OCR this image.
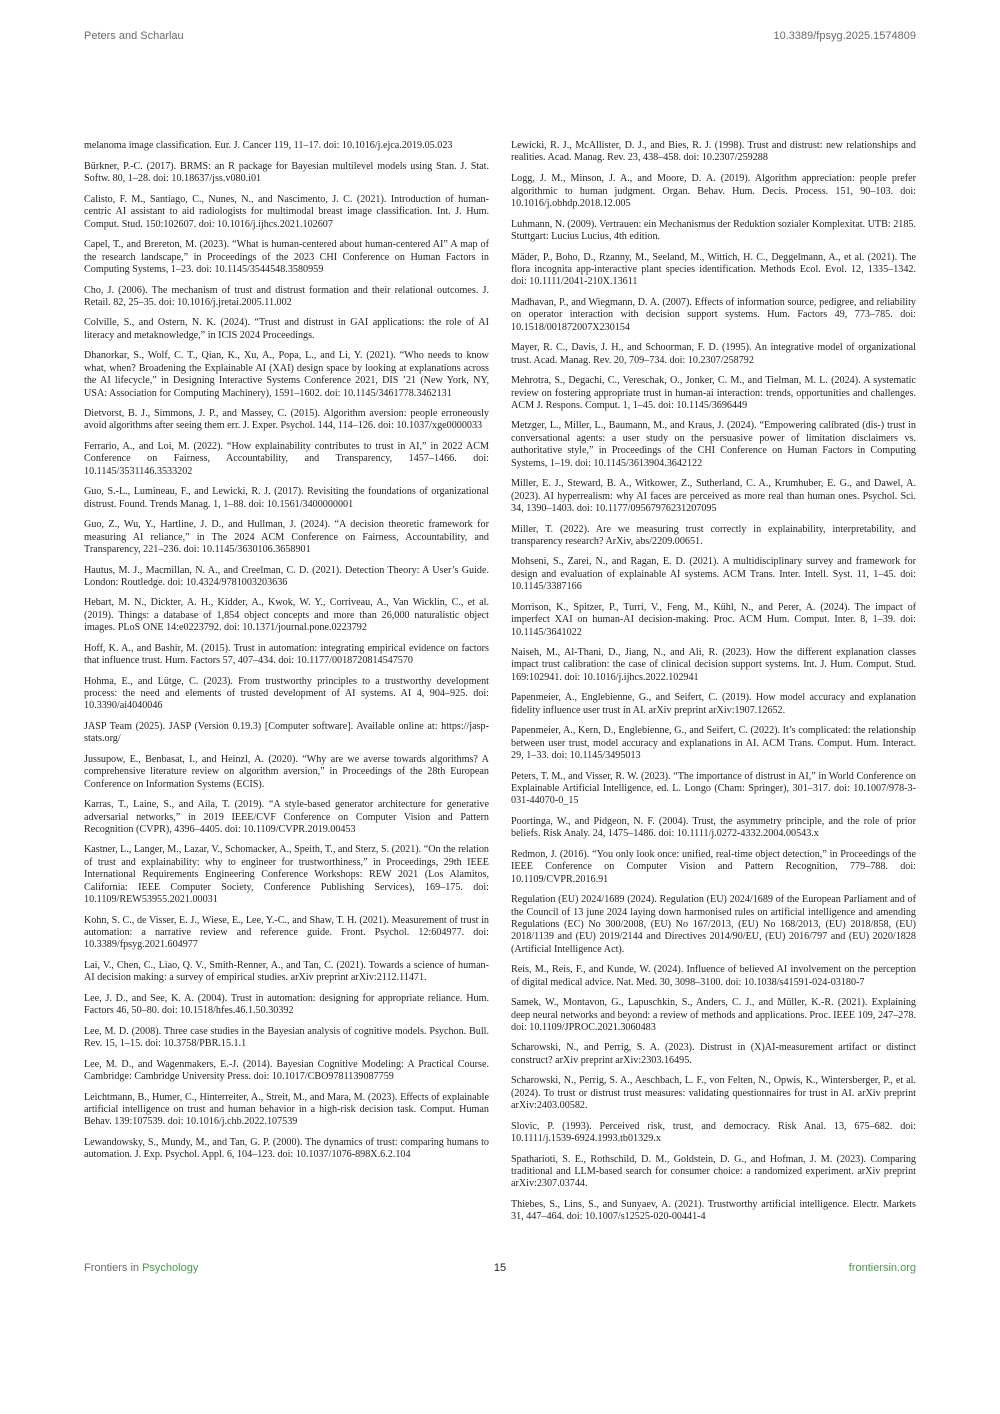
Peters and Scharlau	10.3389/fpsyg.2025.1574809

melanoma image classification. Eur. J. Cancer 119, 11–17. doi: 10.1016/j.ejca.2019.05.023

Bürkner, P.-C. (2017). BRMS: an R package for Bayesian multilevel models using Stan. J. Stat. Softw. 80, 1–28. doi: 10.18637/jss.v080.i01

Calisto, F. M., Santiago, C., Nunes, N., and Nascimento, J. C. (2021). Introduction of human-centric AI assistant to aid radiologists for multimodal breast image classification. Int. J. Hum. Comput. Stud. 150:102607. doi: 10.1016/j.ijhcs.2021.102607

Capel, T., and Brereton, M. (2023). “What is human-centered about human-centered AI” A map of the research landscape,” in Proceedings of the 2023 CHI Conference on Human Factors in Computing Systems, 1–23. doi: 10.1145/3544548.3580959

Cho, J. (2006). The mechanism of trust and distrust formation and their relational outcomes. J. Retail. 82, 25–35. doi: 10.1016/j.jretai.2005.11.002

Colville, S., and Ostern, N. K. (2024). “Trust and distrust in GAI applications: the role of AI literacy and metaknowledge,” in ICIS 2024 Proceedings.

Dhanorkar, S., Wolf, C. T., Qian, K., Xu, A., Popa, L., and Li, Y. (2021). “Who needs to know what, when? Broadening the Explainable AI (XAI) design space by looking at explanations across the AI lifecycle,” in Designing Interactive Systems Conference 2021, DIS ’21 (New York, NY, USA: Association for Computing Machinery), 1591–1602. doi: 10.1145/3461778.3462131

Dietvorst, B. J., Simmons, J. P., and Massey, C. (2015). Algorithm aversion: people erroneously avoid algorithms after seeing them err. J. Exper. Psychol. 144, 114–126. doi: 10.1037/xge0000033

Ferrario, A., and Loi, M. (2022). “How explainability contributes to trust in AI,” in 2022 ACM Conference on Fairness, Accountability, and Transparency, 1457–1466. doi: 10.1145/3531146.3533202

Guo, S.-L., Lumineau, F., and Lewicki, R. J. (2017). Revisiting the foundations of organizational distrust. Found. Trends Manag. 1, 1–88. doi: 10.1561/3400000001

Guo, Z., Wu, Y., Hartline, J. D., and Hullman, J. (2024). “A decision theoretic framework for measuring AI reliance,” in The 2024 ACM Conference on Fairness, Accountability, and Transparency, 221–236. doi: 10.1145/3630106.3658901

Hautus, M. J., Macmillan, N. A., and Creelman, C. D. (2021). Detection Theory: A User’s Guide. London: Routledge. doi: 10.4324/9781003203636

Hebart, M. N., Dickter, A. H., Kidder, A., Kwok, W. Y., Corriveau, A., Van Wicklin, C., et al. (2019). Things: a database of 1,854 object concepts and more than 26,000 naturalistic object images. PLoS ONE 14:e0223792. doi: 10.1371/journal.pone.0223792

Hoff, K. A., and Bashir, M. (2015). Trust in automation: integrating empirical evidence on factors that influence trust. Hum. Factors 57, 407–434. doi: 10.1177/0018720814547570

Hohma, E., and Lütge, C. (2023). From trustworthy principles to a trustworthy development process: the need and elements of trusted development of AI systems. AI 4, 904–925. doi: 10.3390/ai4040046

JASP Team (2025). JASP (Version 0.19.3) [Computer software]. Available online at: https://jasp-stats.org/

Jussupow, E., Benbasat, I., and Heinzl, A. (2020). “Why are we averse towards algorithms? A comprehensive literature review on algorithm aversion,” in Proceedings of the 28th European Conference on Information Systems (ECIS).

Karras, T., Laine, S., and Aila, T. (2019). “A style-based generator architecture for generative adversarial networks,” in 2019 IEEE/CVF Conference on Computer Vision and Pattern Recognition (CVPR), 4396–4405. doi: 10.1109/CVPR.2019.00453

Kastner, L., Langer, M., Lazar, V., Schomacker, A., Speith, T., and Sterz, S. (2021). “On the relation of trust and explainability: why to engineer for trustworthiness,” in Proceedings, 29th IEEE International Requirements Engineering Conference Workshops: REW 2021 (Los Alamitos, California: IEEE Computer Society, Conference Publishing Services), 169–175. doi: 10.1109/REW53955.2021.00031

Kohn, S. C., de Visser, E. J., Wiese, E., Lee, Y.-C., and Shaw, T. H. (2021). Measurement of trust in automation: a narrative review and reference guide. Front. Psychol. 12:604977. doi: 10.3389/fpsyg.2021.604977

Lai, V., Chen, C., Liao, Q. V., Smith-Renner, A., and Tan, C. (2021). Towards a science of human-AI decision making: a survey of empirical studies. arXiv preprint arXiv:2112.11471.

Lee, J. D., and See, K. A. (2004). Trust in automation: designing for appropriate reliance. Hum. Factors 46, 50–80. doi: 10.1518/hfes.46.1.50.30392

Lee, M. D. (2008). Three case studies in the Bayesian analysis of cognitive models. Psychon. Bull. Rev. 15, 1–15. doi: 10.3758/PBR.15.1.1

Lee, M. D., and Wagenmakers, E.-J. (2014). Bayesian Cognitive Modeling: A Practical Course. Cambridge: Cambridge University Press. doi: 10.1017/CBO9781139087759

Leichtmann, B., Humer, C., Hinterreiter, A., Streit, M., and Mara, M. (2023). Effects of explainable artificial intelligence on trust and human behavior in a high-risk decision task. Comput. Human Behav. 139:107539. doi: 10.1016/j.chb.2022.107539

Lewandowsky, S., Mundy, M., and Tan, G. P. (2000). The dynamics of trust: comparing humans to automation. J. Exp. Psychol. Appl. 6, 104–123. doi: 10.1037/1076-898X.6.2.104

Lewicki, R. J., McAllister, D. J., and Bies, R. J. (1998). Trust and distrust: new relationships and realities. Acad. Manag. Rev. 23, 438–458. doi: 10.2307/259288

Logg, J. M., Minson, J. A., and Moore, D. A. (2019). Algorithm appreciation: people prefer algorithmic to human judgment. Organ. Behav. Hum. Decis. Process. 151, 90–103. doi: 10.1016/j.obhdp.2018.12.005

Luhmann, N. (2009). Vertrauen: ein Mechanismus der Reduktion sozialer Komplexitat. UTB: 2185. Stuttgart: Lucius Lucius, 4th edition.

Mäder, P., Boho, D., Rzanny, M., Seeland, M., Wittich, H. C., Deggelmann, A., et al. (2021). The flora incognita app-interactive plant species identification. Methods Ecol. Evol. 12, 1335–1342. doi: 10.1111/2041-210X.13611

Madhavan, P., and Wiegmann, D. A. (2007). Effects of information source, pedigree, and reliability on operator interaction with decision support systems. Hum. Factors 49, 773–785. doi: 10.1518/001872007X230154

Mayer, R. C., Davis, J. H., and Schoorman, F. D. (1995). An integrative model of organizational trust. Acad. Manag. Rev. 20, 709–734. doi: 10.2307/258792

Mehrotra, S., Degachi, C., Vereschak, O., Jonker, C. M., and Tielman, M. L. (2024). A systematic review on fostering appropriate trust in human-ai interaction: trends, opportunities and challenges. ACM J. Respons. Comput. 1, 1–45. doi: 10.1145/3696449

Metzger, L., Miller, L., Baumann, M., and Kraus, J. (2024). “Empowering calibrated (dis-) trust in conversational agents: a user study on the persuasive power of limitation disclaimers vs. authoritative style,” in Proceedings of the CHI Conference on Human Factors in Computing Systems, 1–19. doi: 10.1145/3613904.3642122

Miller, E. J., Steward, B. A., Witkower, Z., Sutherland, C. A., Krumhuber, E. G., and Dawel, A. (2023). AI hyperrealism: why AI faces are perceived as more real than human ones. Psychol. Sci. 34, 1390–1403. doi: 10.1177/09567976231207095

Miller, T. (2022). Are we measuring trust correctly in explainability, interpretability, and transparency research? ArXiv, abs/2209.00651.

Mohseni, S., Zarei, N., and Ragan, E. D. (2021). A multidisciplinary survey and framework for design and evaluation of explainable AI systems. ACM Trans. Inter. Intell. Syst. 11, 1–45. doi: 10.1145/3387166

Morrison, K., Spitzer, P., Turri, V., Feng, M., Kühl, N., and Perer, A. (2024). The impact of imperfect XAI on human-AI decision-making. Proc. ACM Hum. Comput. Inter. 8, 1–39. doi: 10.1145/3641022

Naiseh, M., Al-Thani, D., Jiang, N., and Ali, R. (2023). How the different explanation classes impact trust calibration: the case of clinical decision support systems. Int. J. Hum. Comput. Stud. 169:102941. doi: 10.1016/j.ijhcs.2022.102941

Papenmeier, A., Englebienne, G., and Seifert, C. (2019). How model accuracy and explanation fidelity influence user trust in AI. arXiv preprint arXiv:1907.12652.

Papenmeier, A., Kern, D., Englebienne, G., and Seifert, C. (2022). It’s complicated: the relationship between user trust, model accuracy and explanations in AI. ACM Trans. Comput. Hum. Interact. 29, 1–33. doi: 10.1145/3495013

Peters, T. M., and Visser, R. W. (2023). “The importance of distrust in AI,” in World Conference on Explainable Artificial Intelligence, ed. L. Longo (Cham: Springer), 301–317. doi: 10.1007/978-3-031-44070-0_15

Poortinga, W., and Pidgeon, N. F. (2004). Trust, the asymmetry principle, and the role of prior beliefs. Risk Analy. 24, 1475–1486. doi: 10.1111/j.0272-4332.2004.00543.x

Redmon, J. (2016). “You only look once: unified, real-time object detection,” in Proceedings of the IEEE Conference on Computer Vision and Pattern Recognition, 779–788. doi: 10.1109/CVPR.2016.91

Regulation (EU) 2024/1689 (2024). Regulation (EU) 2024/1689 of the European Parliament and of the Council of 13 june 2024 laying down harmonised rules on artificial intelligence and amending Regulations (EC) No 300/2008, (EU) No 167/2013, (EU) No 168/2013, (EU) 2018/858, (EU) 2018/1139 and (EU) 2019/2144 and Directives 2014/90/EU, (EU) 2016/797 and (EU) 2020/1828 (Artificial Intelligence Act).

Reis, M., Reis, F., and Kunde, W. (2024). Influence of believed AI involvement on the perception of digital medical advice. Nat. Med. 30, 3098–3100. doi: 10.1038/s41591-024-03180-7

Samek, W., Montavon, G., Lapuschkin, S., Anders, C. J., and Müller, K.-R. (2021). Explaining deep neural networks and beyond: a review of methods and applications. Proc. IEEE 109, 247–278. doi: 10.1109/JPROC.2021.3060483

Scharowski, N., and Perrig, S. A. (2023). Distrust in (X)AI-measurement artifact or distinct construct? arXiv preprint arXiv:2303.16495.

Scharowski, N., Perrig, S. A., Aeschbach, L. F., von Felten, N., Opwis, K., Wintersberger, P., et al. (2024). To trust or distrust trust measures: validating questionnaires for trust in AI. arXiv preprint arXiv:2403.00582.

Slovic, P. (1993). Perceived risk, trust, and democracy. Risk Anal. 13, 675–682. doi: 10.1111/j.1539-6924.1993.tb01329.x

Spatharioti, S. E., Rothschild, D. M., Goldstein, D. G., and Hofman, J. M. (2023). Comparing traditional and LLM-based search for consumer choice: a randomized experiment. arXiv preprint arXiv:2307.03744.

Thiebes, S., Lins, S., and Sunyaev, A. (2021). Trustworthy artificial intelligence. Electr. Markets 31, 447–464. doi: 10.1007/s12525-020-00441-4

Frontiers in Psychology	15	frontiersin.org
